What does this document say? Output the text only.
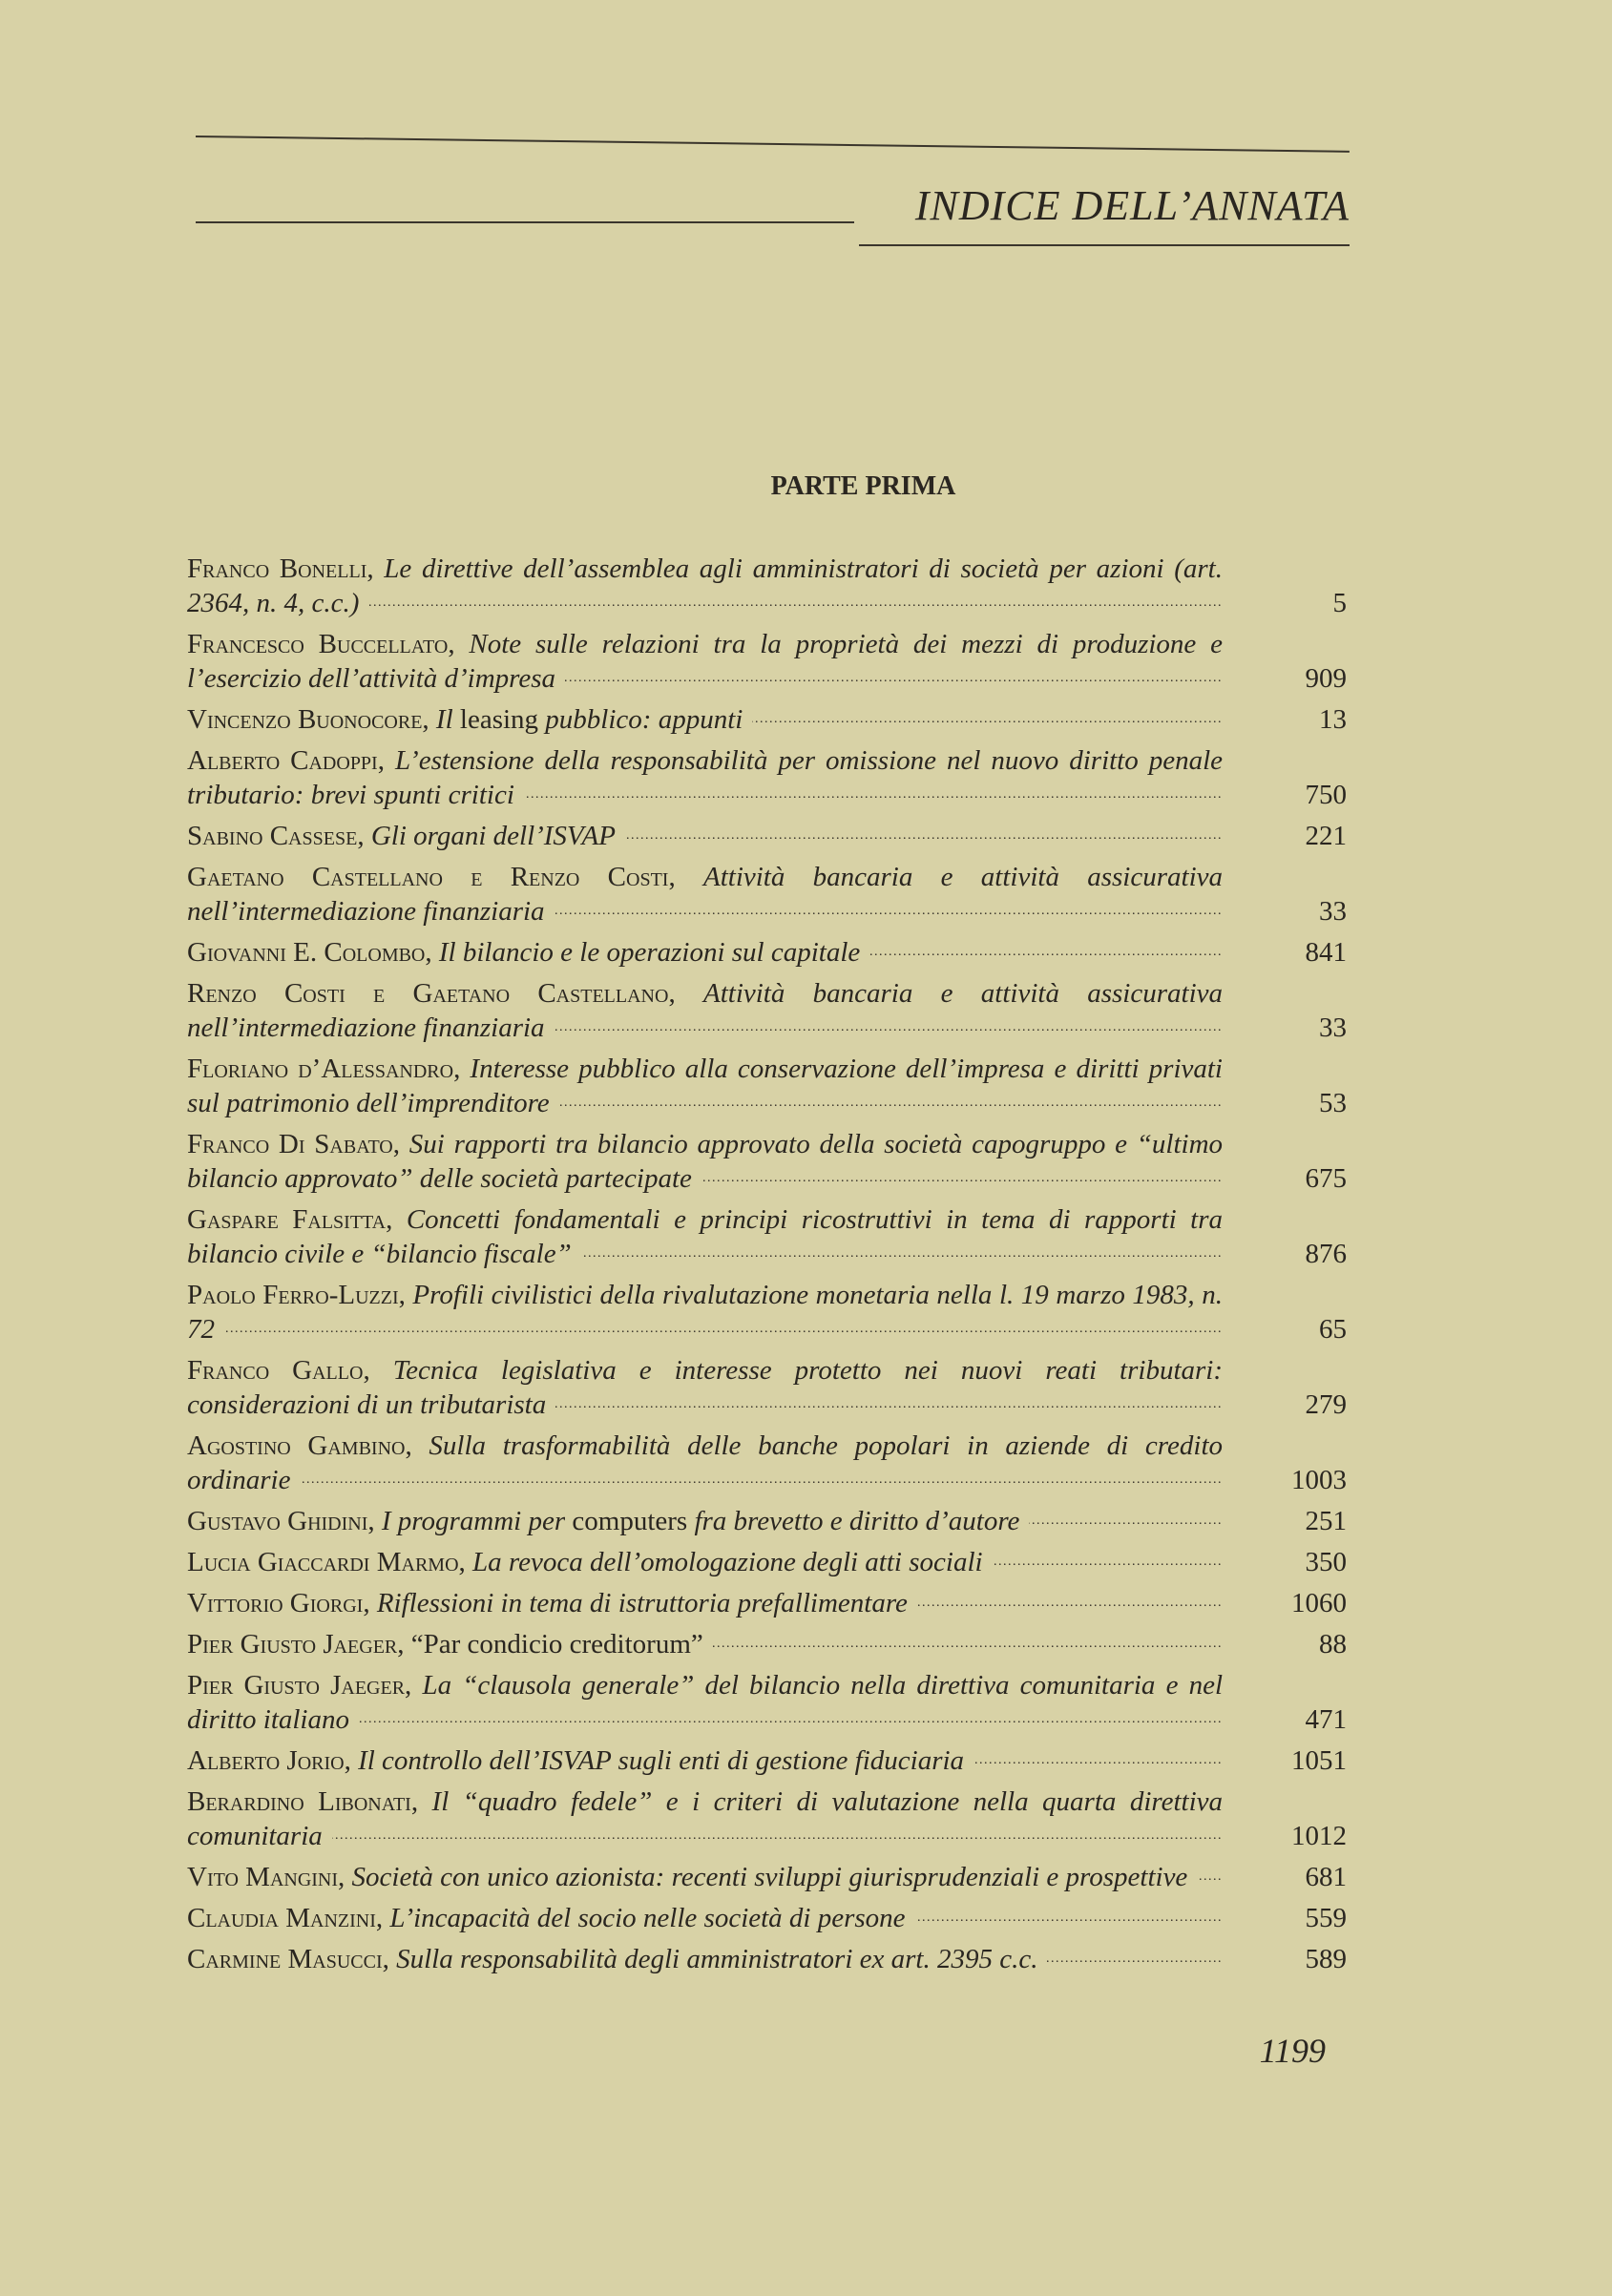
INDICE DELL’ANNATA
PARTE PRIMA
Franco Bonelli, Le direttive dell’assemblea agli amministratori di società per azioni (art. 2364, n. 4, c.c.) . . .	5
Francesco Buccellato, Note sulle relazioni tra la proprietà dei mezzi di produzione e l’esercizio dell’attività d’impresa . . .	909
Vincenzo Buonocore, Il leasing pubblico: appunti . . .	13
Alberto Cadoppi, L’estensione della responsabilità per omissione nel nuovo diritto penale tributario: brevi spunti critici . . .	750
Sabino Cassese, Gli organi dell’ISVAP . . .	221
Gaetano Castellano e Renzo Costi, Attività bancaria e attività assicurativa nell’intermediazione finanziaria . . .	33
Giovanni E. Colombo, Il bilancio e le operazioni sul capitale . . .	841
Renzo Costi e Gaetano Castellano, Attività bancaria e attività assicurativa nell’intermediazione finanziaria . . .	33
Floriano d’Alessandro, Interesse pubblico alla conservazione dell’impresa e diritti privati sul patrimonio dell’imprenditore . . .	53
Franco Di Sabato, Sui rapporti tra bilancio approvato della società capogruppo e “ultimo bilancio approvato” delle società partecipate . . .	675
Gaspare Falsitta, Concetti fondamentali e principi ricostruttivi in tema di rapporti tra bilancio civile e “bilancio fiscale” . . .	876
Paolo Ferro-Luzzi, Profili civilistici della rivalutazione monetaria nella l. 19 marzo 1983, n. 72 . . .	65
Franco Gallo, Tecnica legislativa e interesse protetto nei nuovi reati tributari: considerazioni di un tributarista . . .	279
Agostino Gambino, Sulla trasformabilità delle banche popolari in aziende di credito ordinarie . . .	1003
Gustavo Ghidini, I programmi per computers fra brevetto e diritto d’autore . . .	251
Lucia Giaccardi Marmo, La revoca dell’omologazione degli atti sociali . . .	350
Vittorio Giorgi, Riflessioni in tema di istruttoria prefallimentare . . .	1060
Pier Giusto Jaeger, “Par condicio creditorum” . . .	88
Pier Giusto Jaeger, La “clausola generale” del bilancio nella direttiva comunitaria e nel diritto italiano . . .	471
Alberto Jorio, Il controllo dell’ISVAP sugli enti di gestione fiduciaria . . .	1051
Berardino Libonati, Il “quadro fedele” e i criteri di valutazione nella quarta direttiva comunitaria . . .	1012
Vito Mangini, Società con unico azionista: recenti sviluppi giurisprudenziali e prospettive . . .	681
Claudia Manzini, L’incapacità del socio nelle società di persone . . .	559
Carmine Masucci, Sulla responsabilità degli amministratori ex art. 2395 c.c. . . .	589
1199
